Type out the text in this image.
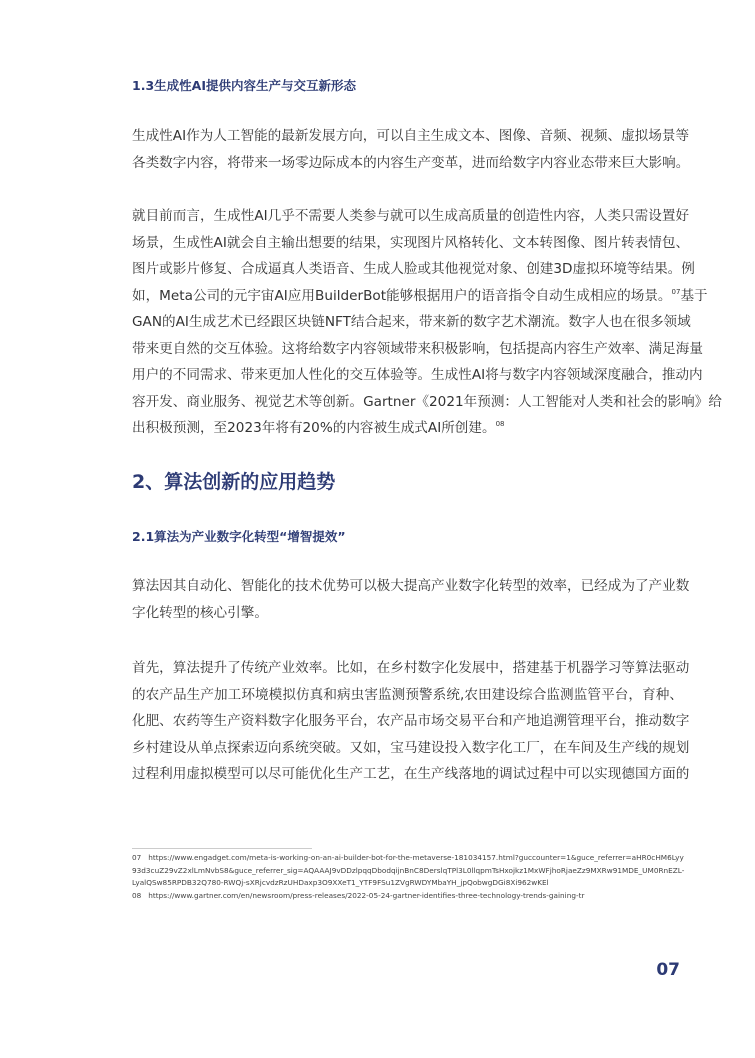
1.3生成性AI提供内容生产与交互新形态
生成性AI作为人工智能的最新发展方向，可以自主生成文本、图像、音频、视频、虚拟场景等
各类数字内容，将带来一场零边际成本的内容生产变革，进而给数字内容业态带来巨大影响。
就目前而言，生成性AI几乎不需要人类参与就可以生成高质量的创造性内容，人类只需设置好
场景，生成性AI就会自主输出想要的结果，实现图片风格转化、文本转图像、图片转表情包、
图片或影片修复、合成逼真人类语音、生成人脸或其他视觉对象、创建3D虚拟环境等结果。例
如，Meta公司的元宇宙AI应用BuilderBot能够根据用户的语音指令自动生成相应的场景。$^{07}$基于
GAN的AI生成艺术已经跟区块链NFT结合起来，带来新的数字艺术潮流。数字人也在很多领域
带来更自然的交互体验。这将给数字内容领域带来积极影响，包括提高内容生产效率、满足海量
用户的不同需求、带来更加人性化的交互体验等。生成性AI将与数字内容领域深度融合，推动内
容开发、商业服务、视觉艺术等创新。Gartner《2021年预测：人工智能对人类和社会的影响》给
出积极预测，至2023年将有20%的内容被生成式AI所创建。$^{08}$
2、算法创新的应用趋势
2.1算法为产业数字化转型“增智提效”
算法因其自动化、智能化的技术优势可以极大提高产业数字化转型的效率，已经成为了产业数
字化转型的核心引擎。
首先，算法提升了传统产业效率。比如，在乡村数字化发展中，搭建基于机器学习等算法驱动
的农产品生产加工环境模拟仿真和病虫害监测预警系统,农田建设综合监测监管平台，育种、
化肥、农药等生产资料数字化服务平台，农产品市场交易平台和产地追溯管理平台，推动数字
乡村建设从单点探索迈向系统突破。又如，宝马建设投入数字化工厂，在车间及生产线的规划
过程利用虚拟模型可以尽可能优化生产工艺，在生产线落地的调试过程中可以实现德国方面的
07 https://www.engadget.com/meta-is-working-on-an-ai-builder-bot-for-the-metaverse-181034157.html?guccounter=1&guce_referrer=aHR0cHM6Lyy
93d3cuZ29vZ2xlLmNvbS8&guce_referrer_sig=AQAAAJ9vDDzlpqqDbodqijnBnC8DerslqTPl3L0llqpmTsHxojkz1MxWFjhoRjaeZz9MXRw91MDE_UM0RnEZL-
LyalQSw85RPDB32Q780-RWQj-sXRjcvdzRzUHDaxp3O9XXeT1_YTF9FSu1ZVgRWDYMbaYH_jpQobwgDGi8Xi962wKEl
08 https://www.gartner.com/en/newsroom/press-releases/2022-05-24-gartner-identifies-three-technology-trends-gaining-tr
07
